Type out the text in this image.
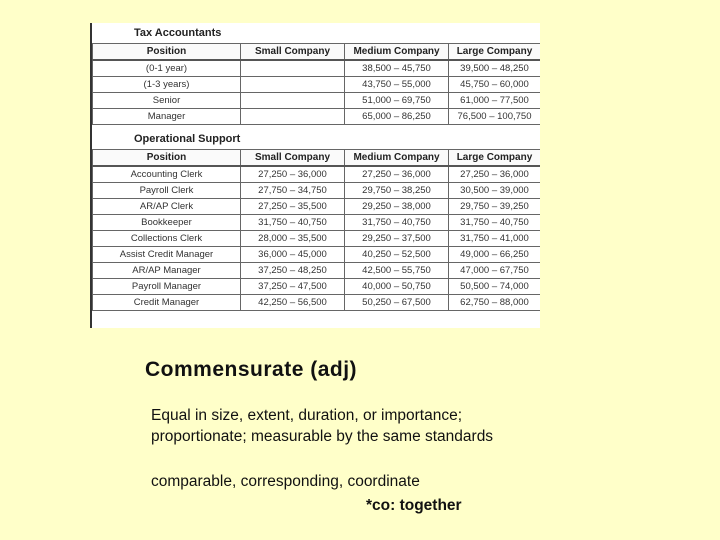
Tax Accountants
Position	Small Company	Medium Company	Large Company
(0-1 year)		38,500 – 45,750	39,500 – 48,250
(1-3 years)		43,750 – 55,000	45,750 – 60,000
Senior		51,000 – 69,750	61,000 – 77,500
Manager		65,000 – 86,250	76,500 – 100,750
Operational Support
Position	Small Company	Medium Company	Large Company
Accounting Clerk	27,250 – 36,000	27,250 – 36,000	27,250 – 36,000
Payroll Clerk	27,750 – 34,750	29,750 – 38,250	30,500 – 39,000
AR/AP Clerk	27,250 – 35,500	29,250 – 38,000	29,750 – 39,250
Bookkeeper	31,750 – 40,750	31,750 – 40,750	31,750 – 40,750
Collections Clerk	28,000 – 35,500	29,250 – 37,500	31,750 – 41,000
Assist Credit Manager	36,000 – 45,000	40,250 – 52,500	49,000 – 66,250
AR/AP Manager	37,250 – 48,250	42,500 – 55,750	47,000 – 67,750
Payroll Manager	37,250 – 47,500	40,000 – 50,750	50,500 – 74,000
Credit Manager	42,250 – 56,500	50,250 – 67,500	62,750 – 88,000
Commensurate (adj)
Equal in size, extent, duration, or importance;
proportionate; measurable by the same standards
comparable, corresponding, coordinate
*co: together
